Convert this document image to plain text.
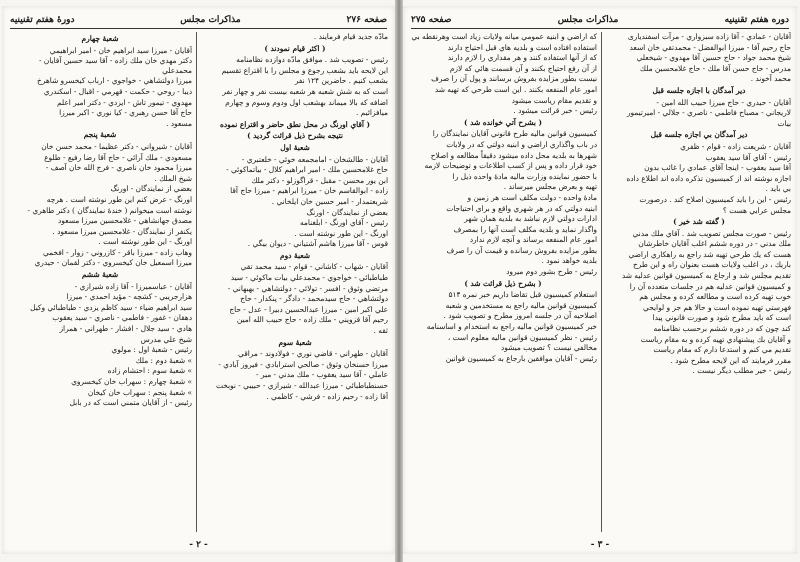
صفحه ۲۷۶
مذاكرات مجلس
دورهٔ هفتم تقنينيه

شعبهٔ چهارم

آقايان - ميرزا سيد ابراهيم خان - امير ابراهيمي

دكتر مهدي خان ملك زاده - آقا سيد حسين آقايان - محمدعلي

ميرزا دولتشاهي - خواجوي - ارباب كيخسرو شاهرخ

ديبا - روحي - حكمت - قهرمي - اقبال - اسكندري

مهدوي - تيمور تاش - ايزدي - دكتر امير اعلم

حاج آقا حسن رهبري - كيا نوري - اكبر ميرزا

مسعود .

شعبهٔ پنجم

آقايان - شيرواني - دكتر عظيما - محمد حسن خان

مسعودي - ملك آرائي - حاج آقا رضا رفيع - طلوع

ميرزا محمود خان ناصري - فرج الله خان آصف -

شيخ الملك .

بعضي از نمايندگان - اورنگ

اورنگ - عرض كنم اين طور نوشته است . هرچه

نوشته است ميخوانم ( خندهٔ نمايندگان ) دكتر طاهري -

مصدق جهانشاهي - غلامحسين ميرزا مسعود

يكنفر از نمايندگان - غلامحسين ميرزا مسعود .

اورنگ - اين طور نوشته است .

وهاب زاده - ميرزا باقر - كازروني - زوار - افخمي

ميرزا اسمعيل خان كيخسروي - دكتر لقمان - حيدري

شعبهٔ ششم

آقايان - عباسميرزا - آقا زاده شيرازي -

هزارجريبي - كشچه - مؤيد احمدي - ميرزا

سيد ابراهيم ضياء - سيد كاظم يزدي - طباطبائي وكيل

دهقان - غفور - فاطمي - ناصري - سيد يعقوب

هادي - سيد جلال - افشار - طهراني - همراز

شيخ علي مدرس

رئيس - شعبهٔ اول : مولوي

» شعبهٔ دوم : ملك

» شعبهٔ سوم : احتشام زاده

» شعبهٔ چهارم : سهراب خان كيخسروي

» شعبهٔ پنجم : سهراب خان كيخان

رئيس - از آقايان متمني است كه در بابل

مادّه جديد قيام فرمايند .

( اكثر قيام نمودند )

رئيس - تصويب شد . موافق مادّه دوازده نظامنامه

اين لايحه بايد بشعب رجوع و مجلس را با اقتراع تقسيم

بشعب كنيم . حاضرين ۱۲۴ نفر

است كه به شش شعبه هر شعبه بيست نفر و چهار نفر

اضافه كه بالا ميماند بهشعب اول ودوم وسوم و چهارم

ميافزائيم .

( آقاي اورنگ در محل نطق حاضر و اقتراع نموده

نتيجه بشرح ذيل قرائت گرديد )

شعبهٔ اول

آقايان - طالشخان - امامجمعه خوئي - خلعتبري -

حاج غلامحسين ملك - امير ابراهيم كلال - بياتماكوئي -

ابن يور محسن - مقبل - قراگوزلو - دكتر ملك

زاده - ابوالقاسم خان - ميرزا ابراهيم - ميرزا حاج آقا

شريعتمدار - امير حسين خان ايلخاني .

بعضي از نمايندگان - اورنگ

رئيس - آقاي اورنگ - ابلغنامه

اورنگ - اين طور نوشته است .

قوس - آقا ميرزا هاشم آشتياني - ديوان بيگي .

شعبهٔ دوم

آقايان - شهاب - كاشاني - قوام - سيد محمد تقي

طباطبائي - خواجوي - محمدعلي بيات ماكوئي - سيد

مرتضي وثوق - افسر - تولائي - دولتشاهي - بهبهاني -

دولتشاهي - حاج سيدمحمد - دادگر - پنكدار - حاج

علي اكبر امين - ميرزا عبدالحسين دبيرا - عدل - حاج

رحيم آقا قزويني - ملك زاده - حاج حبيب الله امين

ثقه .

شعبهٔ سوم

آقايان - طهراني - قاضي نوري - فولادوند - مراقي

ميرزا حسنخان وثوق - صالحي استرابادي - فيروز آبادي -

عاملي - آقا سيد يعقوب - ملك مدني - مير -

حسنطباطبائي - ميرزا عبدالله - شيرازي - حبيبي - نوبخت

آقا زاده - رحيم زاده - فرشي - كاظمي .

- ۲ -
دوره هفتم تقنينيه
مذاكرات مجلس
صفحه ۲۷۵

كه اراضي و ابنيه عمومي ميانه ولايات زياد است وهرنقطه بي

استفاده افتاده است و بلديه هاي قبل احتياج دارند

كه از آنها استفاده كنند و هر مقداري را لازم دارند

از آن رفع احتياج بكنند و آن قسمت هائي كه لازم

نيست بطور مزايده بفروش برسانند و پول آن را صرف

امور عام المنفعه بكنند . اين است طرحي كه تهيه شد

و تقديم مقام رياست ميشود

رئيس - خبر قرائت ميشود .

( بشرح آتي خوانده شد )

كميسيون قوانين ماليه طرح قانوني آقايان نمايندگان را

در باب واگذاري اراضي و ابنيه دولتي كه در ولايات

شهرها به بلديه محل داده ميشود دقيقاً مطالعه و اصلاح

خود قرار داده و پس از كسب اطلاعات و توضيحات لازمه

با حضور نماينده وزارت ماليه مادهٔ واحده ذيل را

تهيه و بعرض مجلس ميرساند .

مادهٔ واحده - دولت مكلف است هر زمين و

ابنيه دولتي كه در هر شهري واقع و براي احتياجات

ادارات دولتي لازم نباشد به بلديه همان شهر

واگذار نمايد و بلديه مكلف است آنها را بمصرف

امور عام المنفعه برساند و آنچه لازم ندارد

بطور مزايده بفروش رسانده و قيمت آن را صرف

بلديه خواهد نمود .

رئيس - طرح بشور دوم ميرود

( بشرح ذيل قرائت شد )

استعلام كميسيون قبل تقاضا داريم خبر نمره ۵۱۴

كميسيون قوانين ماليه راجع به مستخدمين و شعبه

اصلاحيه آن در جلسه امروز مطرح و تصويب شود .

خبر كميسيون قوانين ماليه راجع به استخدام و اساسنامه

رئيس - نظر كميسيون قوانين ماليه معلوم است ،

مخالفي نيست ؟ تصويب ميشود

رئيس - آقايان موافقين بارجاع به كميسيون قوانين

آقايان - عمادي - آقا زاده سبزواري - مرآت اسفنديارى

حاج رحيم آقا - ميرزا ابوالفضل - محمدتقي خان اسعد

شيخ محمد جواد - حاج حسين آقا مهدوي - شيخعلي

مدرس - حاج حسن آقا ملك - حاج غلامحسين ملك

محمد آخوند .

دير آمدگان با اجازه جلسه قبل

آقايان - حيدري - حاج ميرزا حبيب الله امين -

لاريجاني - مصباح فاطمي - ناصري - جلالي - اميرتيمور

بيات

دير آمدگان بي اجازه جلسه قبل

آقايان - شريعت زاده - قوام - ظفري

رئيس - آقاي آقا سيد يعقوب

آقا سيد يعقوب - اينجا آقاي عمادي را غائب بدون

اجازه نوشته اند از كميسيون تذكره داده اند اطلاع داده

بي بايد .

رئيس - اين را بايد كميسيون اصلاح كند . درصورت

مجلس عرايي هست ؟

( گفته شد خير )

رئيس - صورت مجلس تصويب شد . آقاي ملك مدني

ملك مدني - در دوره ششم اغلب آقايان خاطرشان

هست كه يك طرحي تهيه شد راجع به راهكاري اراضي

باريك ، در اغلب ولايات هست بعنوان راه و اين طرح

تقديم مجلس شد و ارجاع به كميسيون قوانين عدليه شد

و كميسيون قوانين عدليه هم در جلسات متعدده آن را

خوب تهيه كرده است و مطالعه كرده و مجلس هم

فهرستي تهيه نموده است و حالا هم جز و لوايحي

است كه بايد مطرح شود و صورت قانوني پيدا

كند چون كه در دوره ششم برحسب نظامنامه

و آقايان بك پيشنهادي تهيه كرده و به مقام رياست

تقديم مي كنم و استدعا دارم كه مقام رياست

مقرر فرمايند كه اين لايحه مطرح شود .

رئيس - خير مطلب ديگر نيست .

- ۳ -
